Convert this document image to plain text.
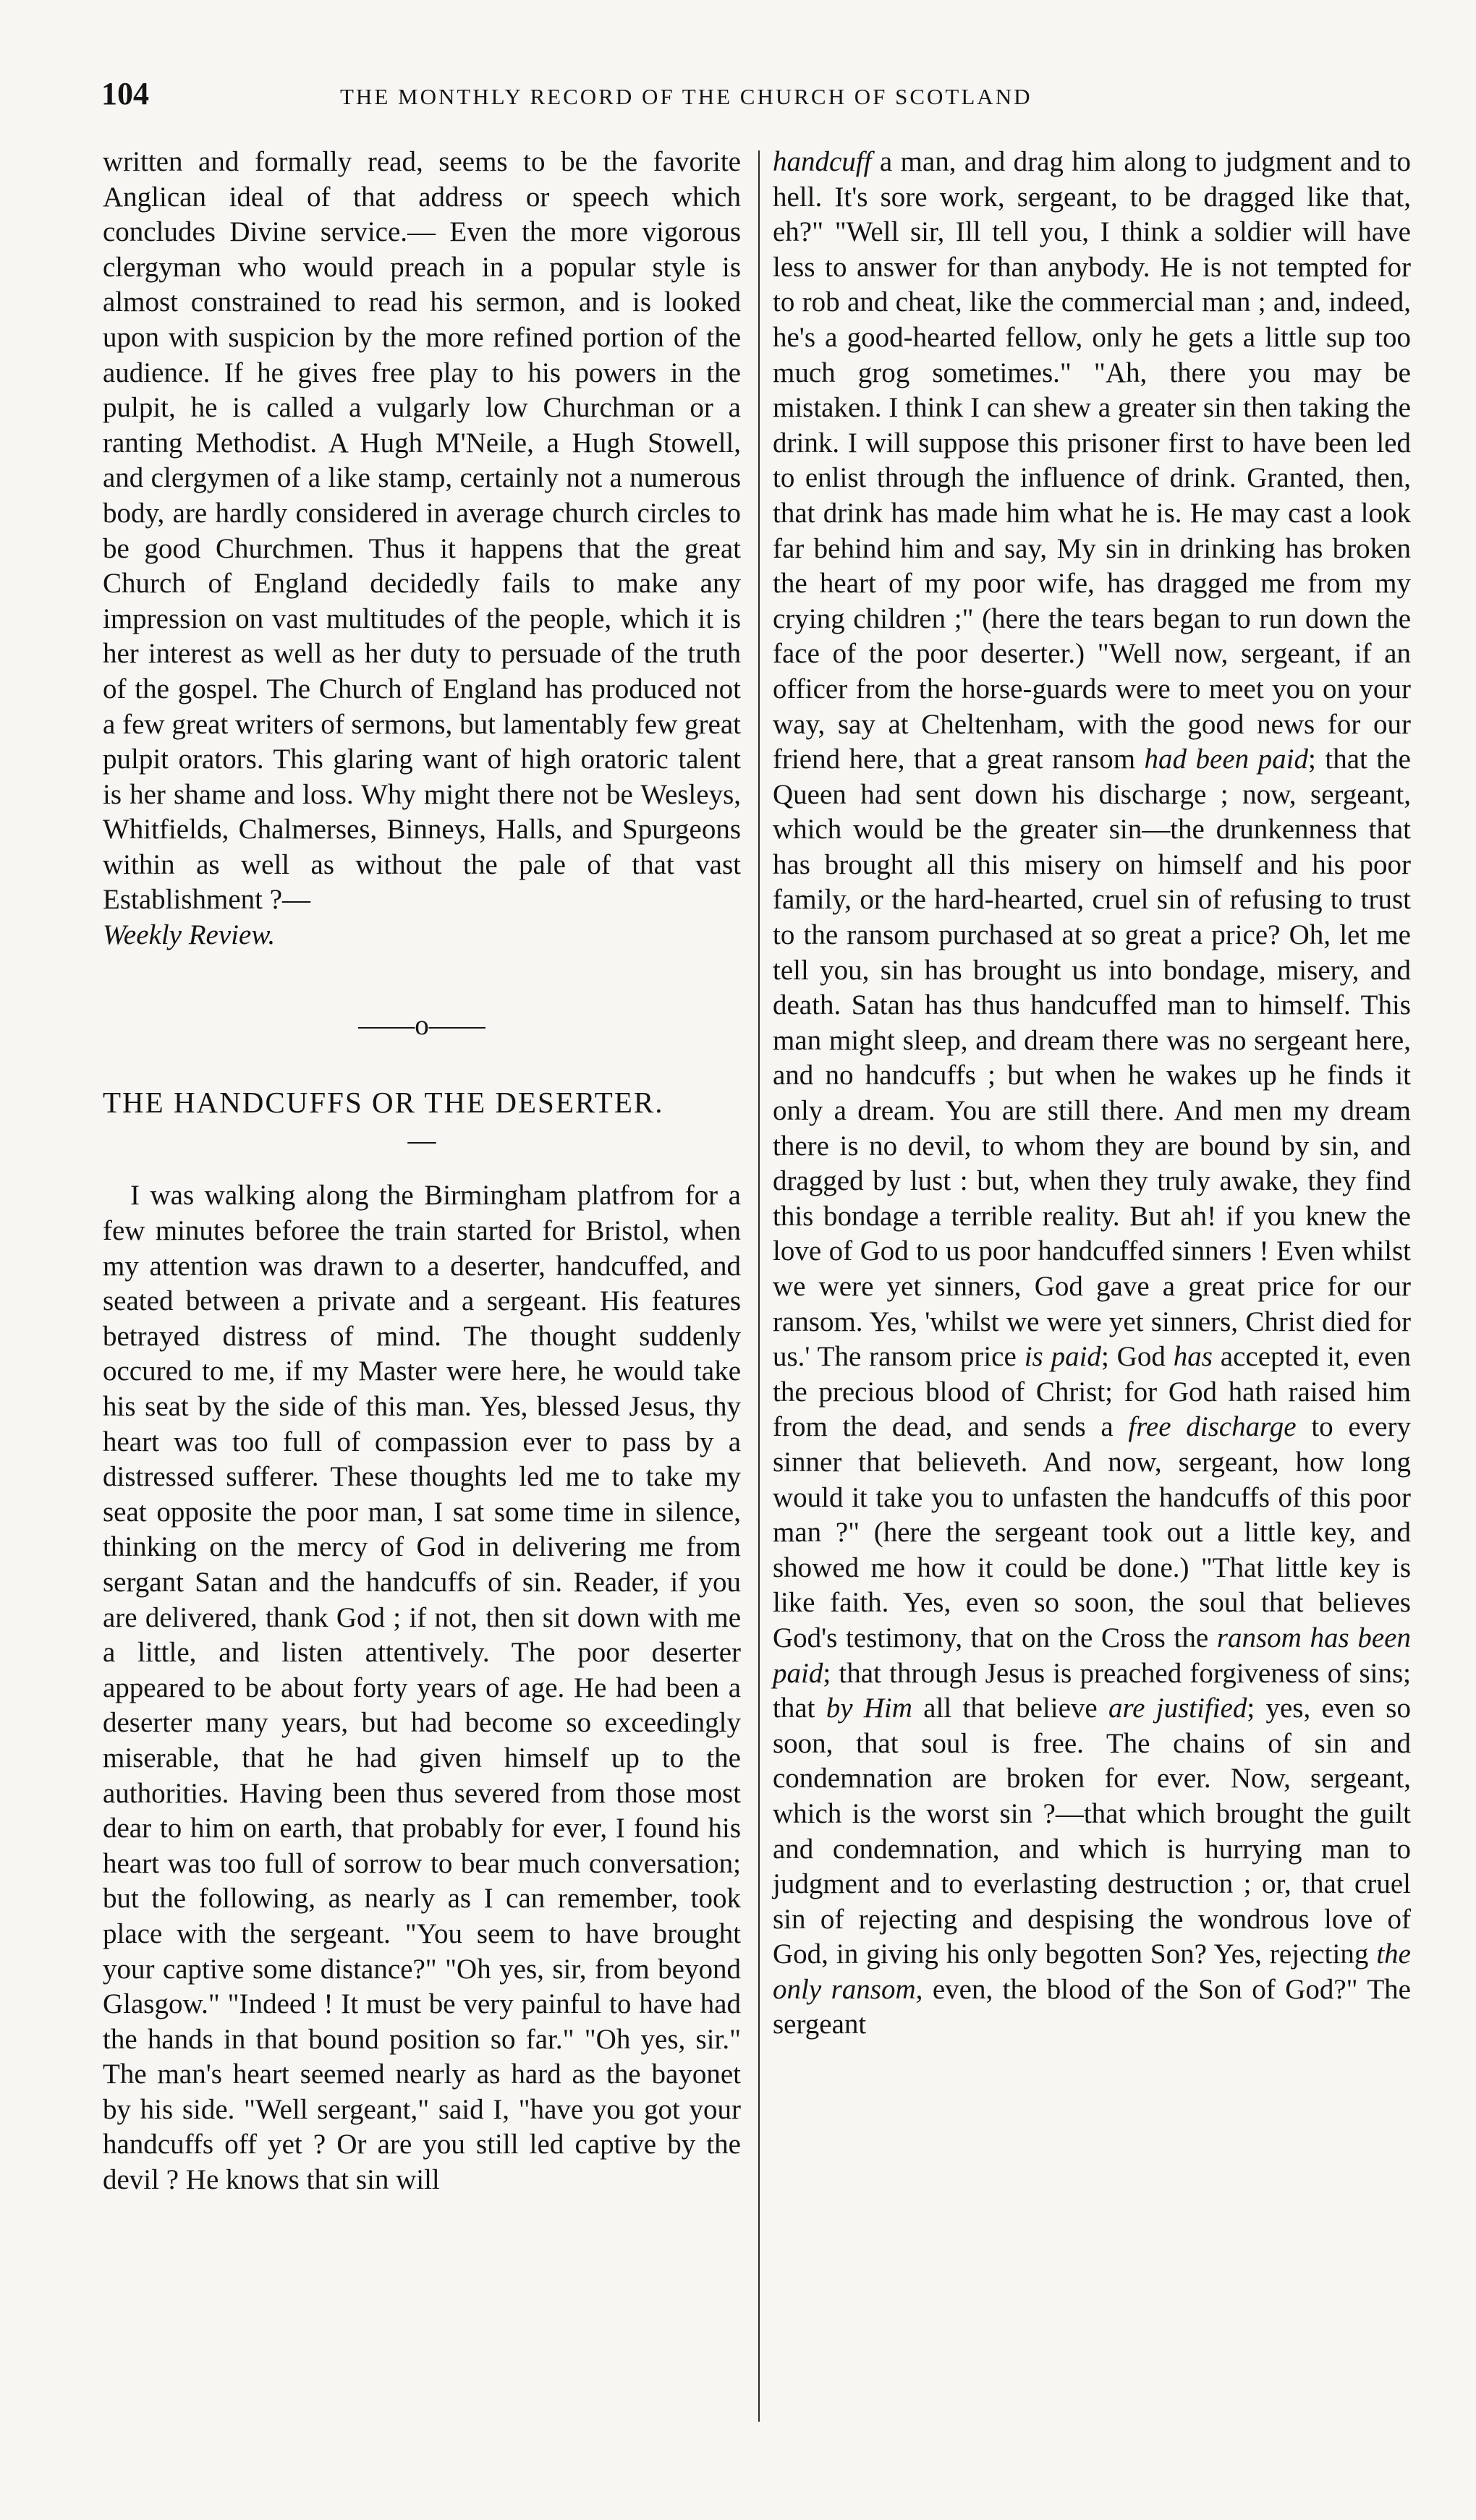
104	THE MONTHLY RECORD OF THE CHURCH OF SCOTLAND

written and formally read, seems to be the favorite Anglican ideal of that address or speech which concludes Divine service.— Even the more vigorous clergyman who would preach in a popular style is almost constrained to read his sermon, and is looked upon with suspicion by the more refined portion of the audience. If he gives free play to his powers in the pulpit, he is called a vulgarly low Churchman or a ranting Methodist. A Hugh M'Neile, a Hugh Stowell, and clergymen of a like stamp, certainly not a numerous body, are hardly considered in average church circles to be good Churchmen. Thus it happens that the great Church of England decidedly fails to make any impression on vast multitudes of the people, which it is her interest as well as her duty to persuade of the truth of the gospel. The Church of England has produced not a few great writers of sermons, but lamentably few great pulpit orators. This glaring want of high oratoric talent is her shame and loss. Why might there not be Wesleys, Whitfields, Chalmerses, Binneys, Halls, and Spurgeons within as well as without the pale of that vast Establishment ?—

Weekly Review.

——o——

THE HANDCUFFS OR THE DESERTER.

—

I was walking along the Birmingham platfrom for a few minutes beforee the train started for Bristol, when my attention was drawn to a deserter, handcuffed, and seated between a private and a sergeant. His features betrayed distress of mind. The thought suddenly occured to me, if my Master were here, he would take his seat by the side of this man. Yes, blessed Jesus, thy heart was too full of compassion ever to pass by a distressed sufferer. These thoughts led me to take my seat opposite the poor man, I sat some time in silence, thinking on the mercy of God in delivering me from sergant Satan and the handcuffs of sin. Reader, if you are delivered, thank God ; if not, then sit down with me a little, and listen attentively. The poor deserter appeared to be about forty years of age. He had been a deserter many years, but had become so exceedingly miserable, that he had given himself up to the authorities. Having been thus severed from those most dear to him on earth, that probably for ever, I found his heart was too full of sorrow to bear much conversation; but the following, as nearly as I can remember, took place with the sergeant. "You seem to have brought your captive some distance?" "Oh yes, sir, from beyond Glasgow." "Indeed ! It must be very painful to have had the hands in that bound position so far." "Oh yes, sir." The man's heart seemed nearly as hard as the bayonet by his side. "Well sergeant," said I, "have you got your handcuffs off yet ? Or are you still led captive by the devil ? He knows that sin will

handcuff a man, and drag him along to judgment and to hell. It's sore work, sergeant, to be dragged like that, eh?" "Well sir, Ill tell you, I think a soldier will have less to answer for than anybody. He is not tempted for to rob and cheat, like the commercial man ; and, indeed, he's a good-hearted fellow, only he gets a little sup too much grog sometimes." "Ah, there you may be mistaken. I think I can shew a greater sin then taking the drink. I will suppose this prisoner first to have been led to enlist through the influence of drink. Granted, then, that drink has made him what he is. He may cast a look far behind him and say, My sin in drinking has broken the heart of my poor wife, has dragged me from my crying children ;" (here the tears began to run down the face of the poor deserter.) "Well now, sergeant, if an officer from the horse-guards were to meet you on your way, say at Cheltenham, with the good news for our friend here, that a great ransom had been paid; that the Queen had sent down his discharge ; now, sergeant, which would be the greater sin—the drunkenness that has brought all this misery on himself and his poor family, or the hard-hearted, cruel sin of refusing to trust to the ransom purchased at so great a price? Oh, let me tell you, sin has brought us into bondage, misery, and death. Satan has thus handcuffed man to himself. This man might sleep, and dream there was no sergeant here, and no handcuffs ; but when he wakes up he finds it only a dream. You are still there. And men my dream there is no devil, to whom they are bound by sin, and dragged by lust : but, when they truly awake, they find this bondage a terrible reality. But ah! if you knew the love of God to us poor handcuffed sinners ! Even whilst we were yet sinners, God gave a great price for our ransom. Yes, 'whilst we were yet sinners, Christ died for us.' The ransom price is paid; God has accepted it, even the precious blood of Christ; for God hath raised him from the dead, and sends a free discharge to every sinner that believeth. And now, sergeant, how long would it take you to unfasten the handcuffs of this poor man ?" (here the sergeant took out a little key, and showed me how it could be done.) "That little key is like faith. Yes, even so soon, the soul that believes God's testimony, that on the Cross the ransom has been paid; that through Jesus is preached forgiveness of sins; that by Him all that believe are justified; yes, even so soon, that soul is free. The chains of sin and condemnation are broken for ever. Now, sergeant, which is the worst sin ?—that which brought the guilt and condemnation, and which is hurrying man to judgment and to everlasting destruction ; or, that cruel sin of rejecting and despising the wondrous love of God, in giving his only begotten Son? Yes, rejecting the only ransom, even, the blood of the Son of God?" The sergeant
